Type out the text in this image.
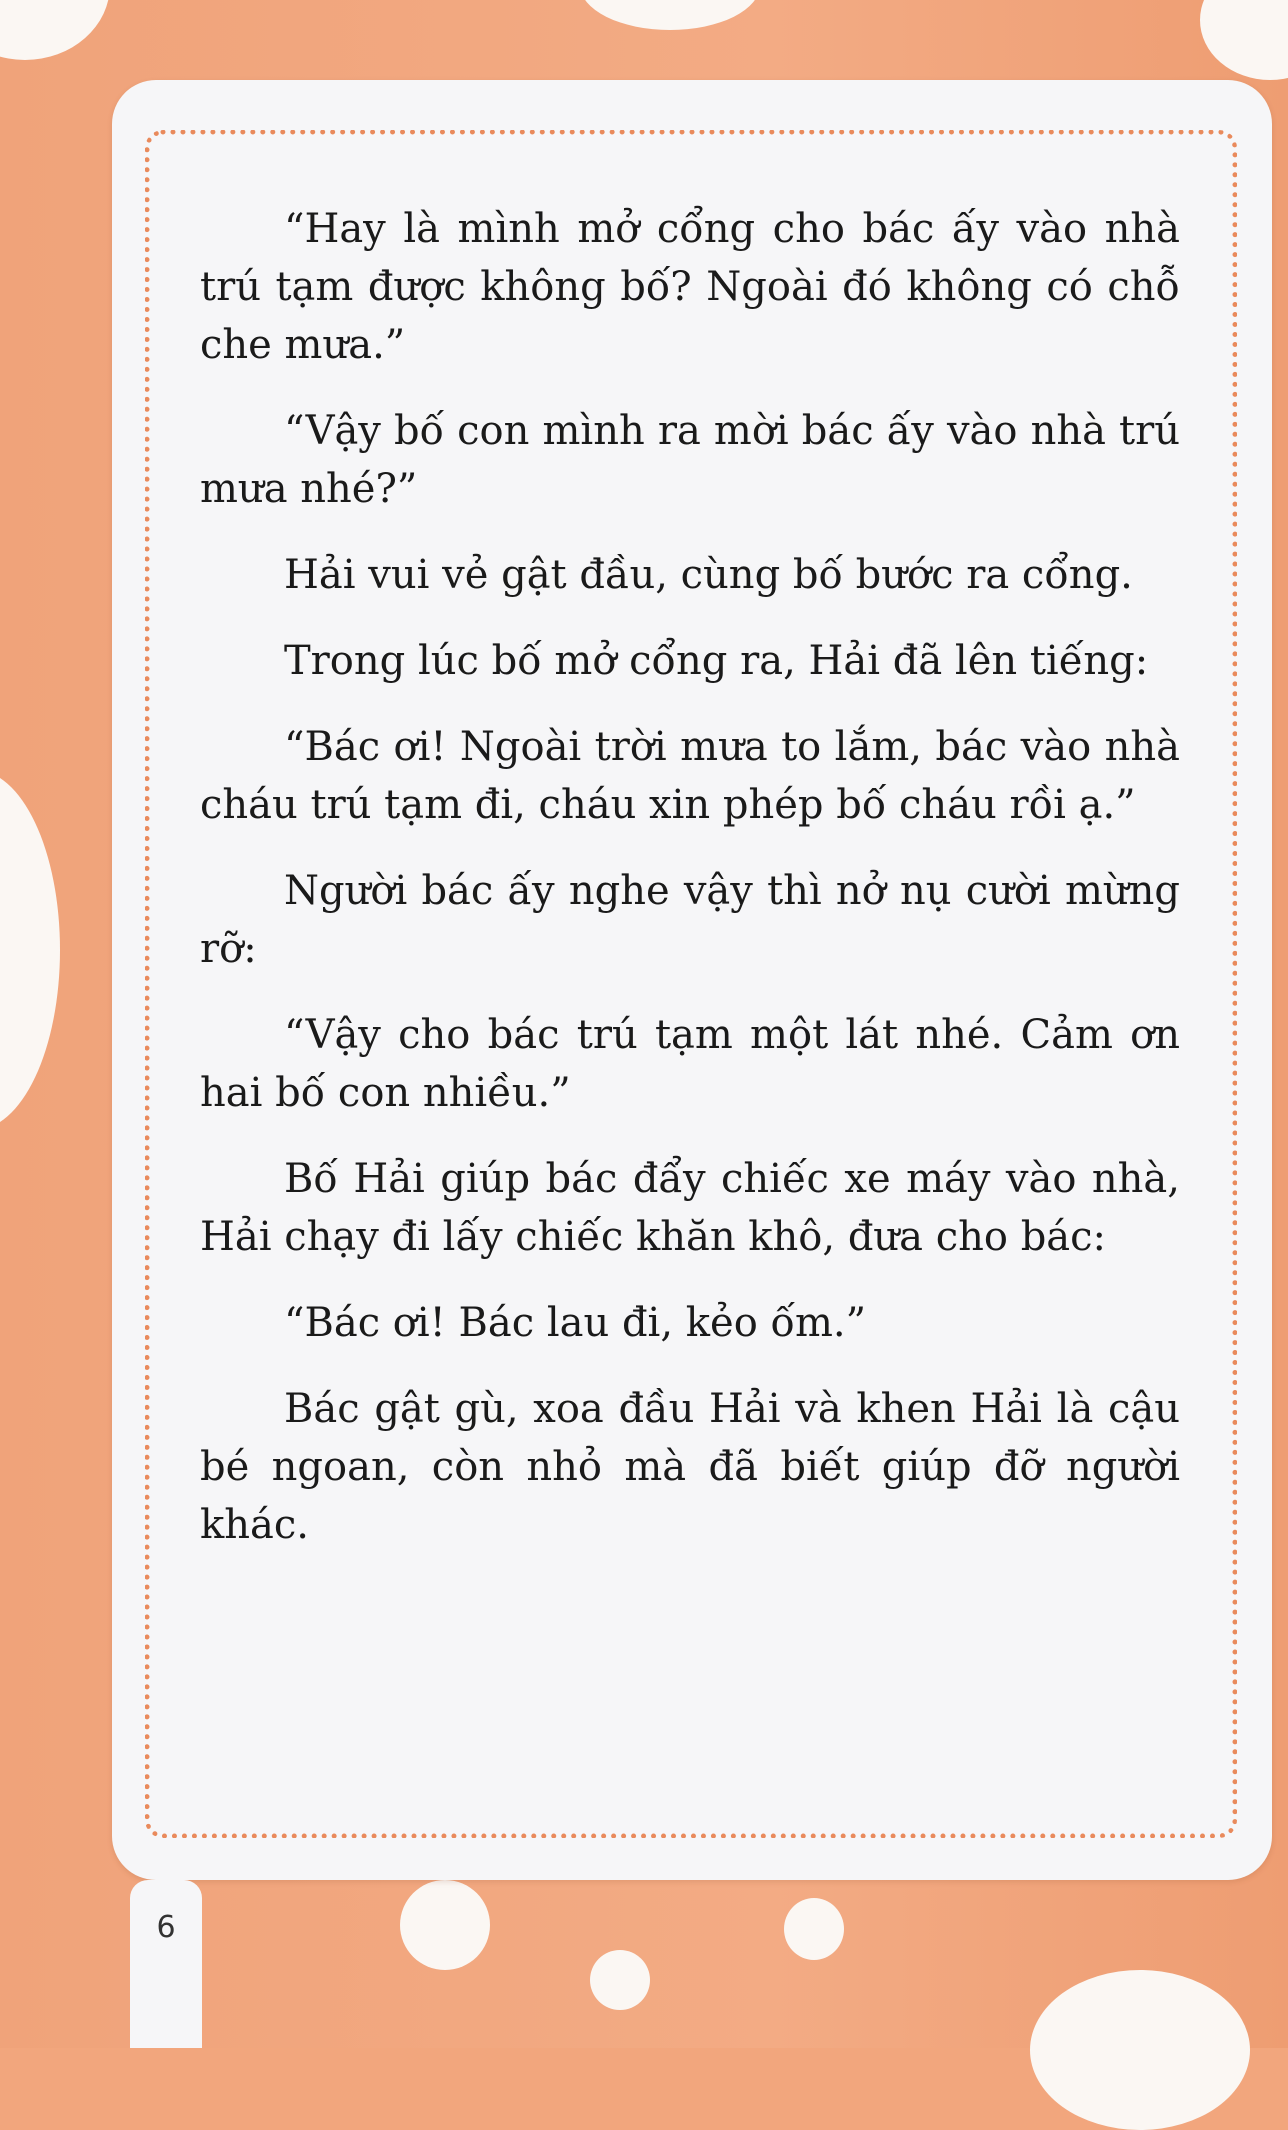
“Hay là mình mở cổng cho bác ấy vào nhà trú tạm được không bố? Ngoài đó không có chỗ che mưa.”

“Vậy bố con mình ra mời bác ấy vào nhà trú mưa nhé?”

Hải vui vẻ gật đầu, cùng bố bước ra cổng.

Trong lúc bố mở cổng ra, Hải đã lên tiếng:

“Bác ơi! Ngoài trời mưa to lắm, bác vào nhà cháu trú tạm đi, cháu xin phép bố cháu rồi ạ.”

Người bác ấy nghe vậy thì nở nụ cười mừng rỡ:

“Vậy cho bác trú tạm một lát nhé. Cảm ơn hai bố con nhiều.”

Bố Hải giúp bác đẩy chiếc xe máy vào nhà, Hải chạy đi lấy chiếc khăn khô, đưa cho bác:

“Bác ơi! Bác lau đi, kẻo ốm.”

Bác gật gù, xoa đầu Hải và khen Hải là cậu bé ngoan, còn nhỏ mà đã biết giúp đỡ người khác.

6
